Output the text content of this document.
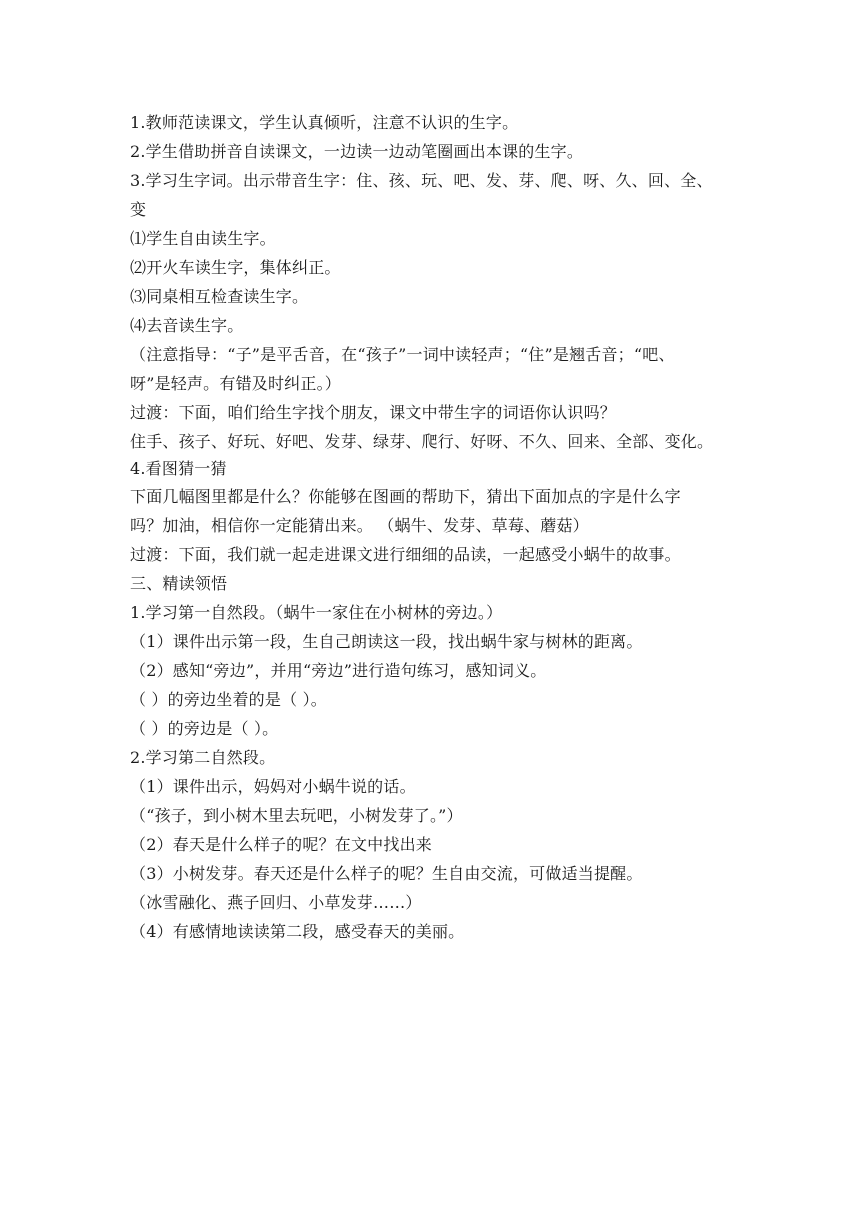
1.教师范读课文，学生认真倾听，注意不认识的生字。

2.学生借助拼音自读课文，一边读一边动笔圈画出本课的生字。

3.学习生字词。出示带音生字：住、孩、玩、吧、发、芽、爬、呀、久、回、全、

变

⑴学生自由读生字。

⑵开火车读生字，集体纠正。

⑶同桌相互检查读生字。

⑷去音读生字。

（注意指导：“子”是平舌音，在“孩子”一词中读轻声；“住”是翘舌音；“吧、

呀”是轻声。有错及时纠正。）

过渡：下面，咱们给生字找个朋友，课文中带生字的词语你认识吗？

住手、孩子、好玩、好吧、发芽、绿芽、爬行、好呀、不久、回来、全部、变化。

4.看图猜一猜

下面几幅图里都是什么？你能够在图画的帮助下，猜出下面加点的字是什么字

吗？加油，相信你一定能猜出来。 （蜗牛、发芽、草莓、蘑菇）

过渡：下面，我们就一起走进课文进行细细的品读，一起感受小蜗牛的故事。

三、精读领悟

1.学习第一自然段。（蜗牛一家住在小树林的旁边。）

（1）课件出示第一段，生自己朗读这一段，找出蜗牛家与树林的距离。

（2）感知“旁边”，并用“旁边”进行造句练习，感知词义。

（ ）的旁边坐着的是（ ）。

（ ）的旁边是（ ）。

2.学习第二自然段。

（1）课件出示，妈妈对小蜗牛说的话。

（“孩子，到小树木里去玩吧，小树发芽了。”）

（2）春天是什么样子的呢？在文中找出来

（3）小树发芽。春天还是什么样子的呢？生自由交流，可做适当提醒。

（冰雪融化、燕子回归、小草发芽……）

（4）有感情地读读第二段，感受春天的美丽。
